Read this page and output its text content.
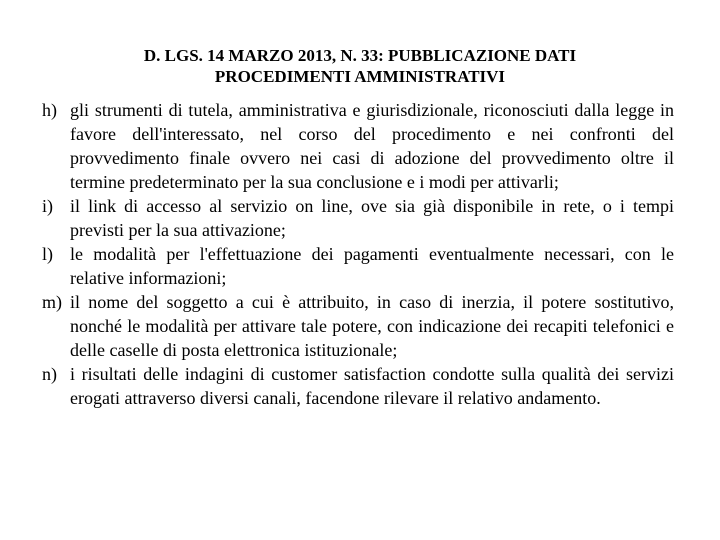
D. LGS. 14 MARZO 2013, N. 33: PUBBLICAZIONE DATI
PROCEDIMENTI AMMINISTRATIVI
h) gli strumenti di tutela, amministrativa e giurisdizionale, riconosciuti dalla legge in favore dell'interessato, nel corso del procedimento e nei confronti del provvedimento finale ovvero nei casi di adozione del provvedimento oltre il termine predeterminato per la sua conclusione e i modi per attivarli;
i) il link di accesso al servizio on line, ove sia già disponibile in rete, o i tempi previsti per la sua attivazione;
l) le modalità per l'effettuazione dei pagamenti eventualmente necessari, con le relative informazioni;
m) il nome del soggetto a cui è attribuito, in caso di inerzia, il potere sostitutivo, nonché le modalità per attivare tale potere, con indicazione dei recapiti telefonici e delle caselle di posta elettronica istituzionale;
n) i risultati delle indagini di customer satisfaction condotte sulla qualità dei servizi erogati attraverso diversi canali, facendone rilevare il relativo andamento.
